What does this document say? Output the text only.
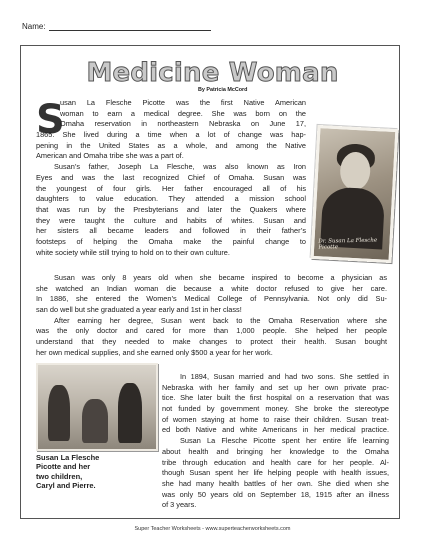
Name:
Medicine Woman
By Patricia McCord
S
Dr. Susan La Flesche Picotte
usan La Flesche Picotte was the first Native American
woman to earn a medical degree. She was born on the
Omaha reservation in northeastern Nebraska on June 17,
1865. She lived during a time when a lot of change was hap-
pening in the United States as a whole, and among the Native
American and Omaha tribe she was a part of.
Susan’s father, Joseph La Flesche, was also known as Iron
Eyes and was the last recognized Chief of Omaha. Susan was
the youngest of four girls. Her father encouraged all of his
daughters to value education. They attended a mission school
that was run by the Presbyterians and later the Quakers where
they were taught the culture and habits of whites. Susan and
her sisters all became leaders and followed in their father’s
footsteps of helping the Omaha make the painful change to
white society while still trying to hold on to their own culture.
Susan was only 8 years old when she became inspired to become a physician as
she watched an Indian woman die because a white doctor refused to give her care.
In 1886, she entered the Women’s Medical College of Pennsylvania. Not only did Su-
san do well but she graduated a year early and 1st in her class!
After earning her degree, Susan went back to the Omaha Reservation where she
was the only doctor and cared for more than 1,000 people. She helped her people
understand that they needed to make changes to protect their health. Susan bought
her own medical supplies, and she earned only $500 a year for her work.
Susan La Flesche
Picotte and her
two children,
Caryl and Pierre.
In 1894, Susan married and had two sons. She settled in
Nebraska with her family and set up her own private prac-
tice. She later built the first hospital on a reservation that was
not funded by government money. She broke the stereotype
of women staying at home to raise their children. Susan treat-
ed both Native and white Americans in her medical practice.
Susan La Flesche Picotte spent her entire life learning
about health and bringing her knowledge to the Omaha
tribe through education and health care for her people. Al-
though Susan spent her life helping people with health issues,
she had many health battles of her own. She died when she
was only 50 years old on September 18, 1915 after an illness
of 3 years.
Super Teacher Worksheets - www.superteacherworksheets.com
